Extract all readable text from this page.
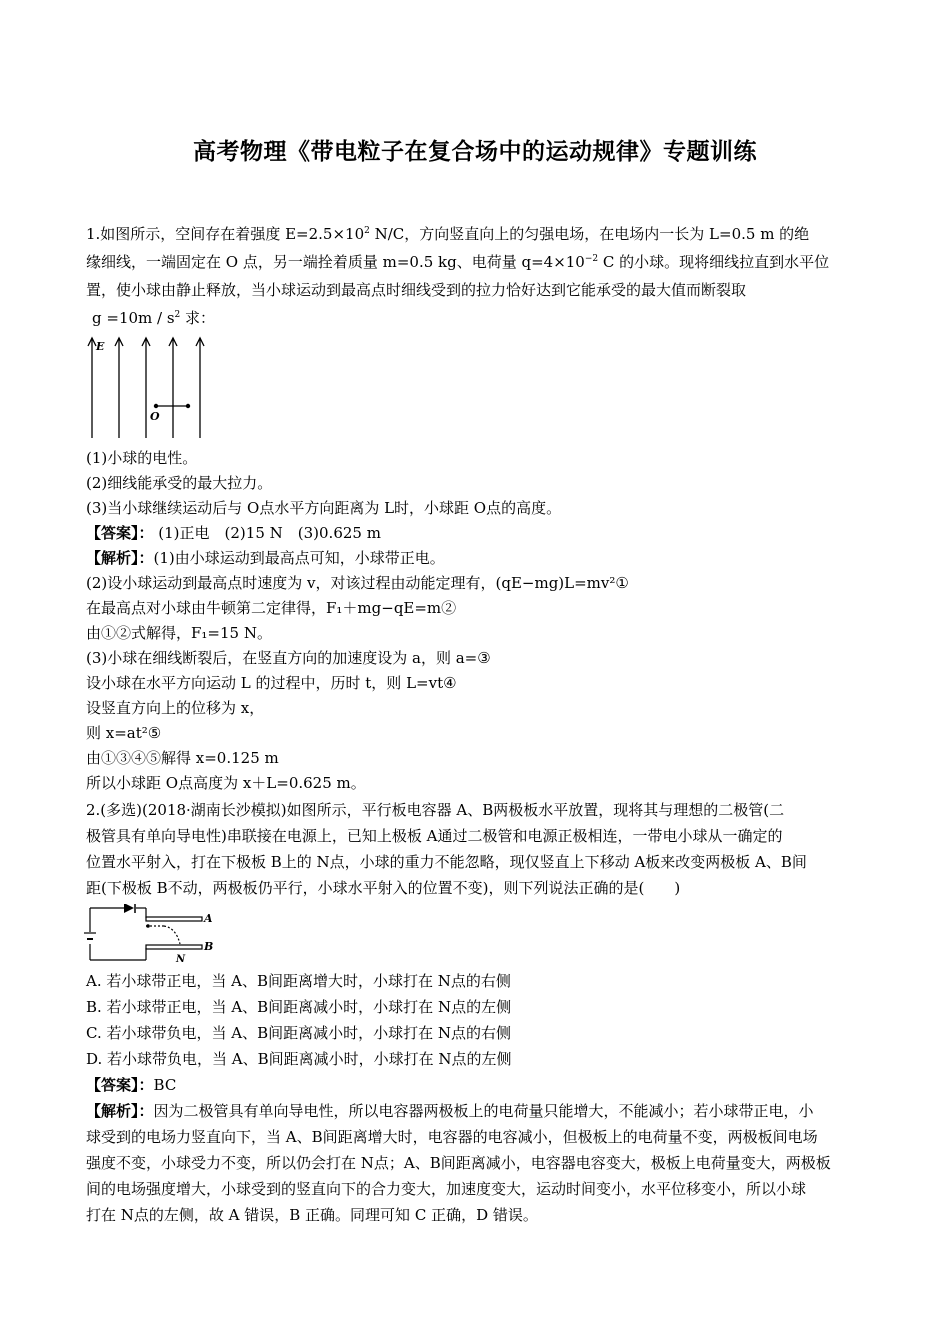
高考物理《带电粒子在复合场中的运动规律》专题训练
1.如图所示，空间存在着强度 $E=2.5\times 10^2$ N/C，方向竖直向上的匀强电场，在电场内一长为 L=0.5 m 的绝
缘细线，一端固定在 O 点，另一端拴着质量 m=0.5 kg、电荷量 $q=4\times 10^{-2}$ C 的小球。现将细线拉直到水平位
置，使小球由静止释放，当小球运动到最高点时细线受到的拉力恰好达到它能承受的最大值而断裂取
$g =10m / s^2$ 求：
E
O
(1)小球的电性。
(2)细线能承受的最大拉力。
(3)当小球继续运动后与 O点水平方向距离为 L时，小球距 O点的高度。
【答案】： (1)正电　(2)15 N　(3)0.625 m
【解析】：(1)由小球运动到最高点可知，小球带正电。
(2)设小球运动到最高点时速度为 v，对该过程由动能定理有，(qE−mg)L=mv²①
在最高点对小球由牛顿第二定律得，F₁＋mg−qE=m②
由①②式解得，F₁=15 N。
(3)小球在细线断裂后，在竖直方向的加速度设为 a，则 a=③
设小球在水平方向运动 L 的过程中，历时 t，则 L=vt④
设竖直方向上的位移为 x，
则 x=at²⑤
由①③④⑤解得 x=0.125 m
所以小球距 O点高度为 x＋L=0.625 m。
2.(多选)(2018·湖南长沙模拟)如图所示，平行板电容器 A、B两极板水平放置，现将其与理想的二极管(二
极管具有单向导电性)串联接在电源上，已知上极板 A通过二极管和电源正极相连，一带电小球从一确定的
位置水平射入，打在下极板 B上的 N点，小球的重力不能忽略，现仅竖直上下移动 A板来改变两极板 A、B间
距(下极板 B不动，两极板仍平行，小球水平射入的位置不变)，则下列说法正确的是(　　)
A
B
N
A. 若小球带正电，当 A、B间距离增大时，小球打在 N点的右侧
B. 若小球带正电，当 A、B间距离减小时，小球打在 N点的左侧
C. 若小球带负电，当 A、B间距离减小时，小球打在 N点的右侧
D. 若小球带负电，当 A、B间距离减小时，小球打在 N点的左侧
【答案】：BC
【解析】：因为二极管具有单向导电性，所以电容器两极板上的电荷量只能增大，不能减小；若小球带正电，小
球受到的电场力竖直向下，当 A、B间距离增大时，电容器的电容减小，但极板上的电荷量不变，两极板间电场
强度不变，小球受力不变，所以仍会打在 N点；A、B间距离减小，电容器电容变大，极板上电荷量变大，两极板
间的电场强度增大，小球受到的竖直向下的合力变大，加速度变大，运动时间变小，水平位移变小，所以小球
打在 N点的左侧，故 A 错误，B 正确。同理可知 C 正确，D 错误。
